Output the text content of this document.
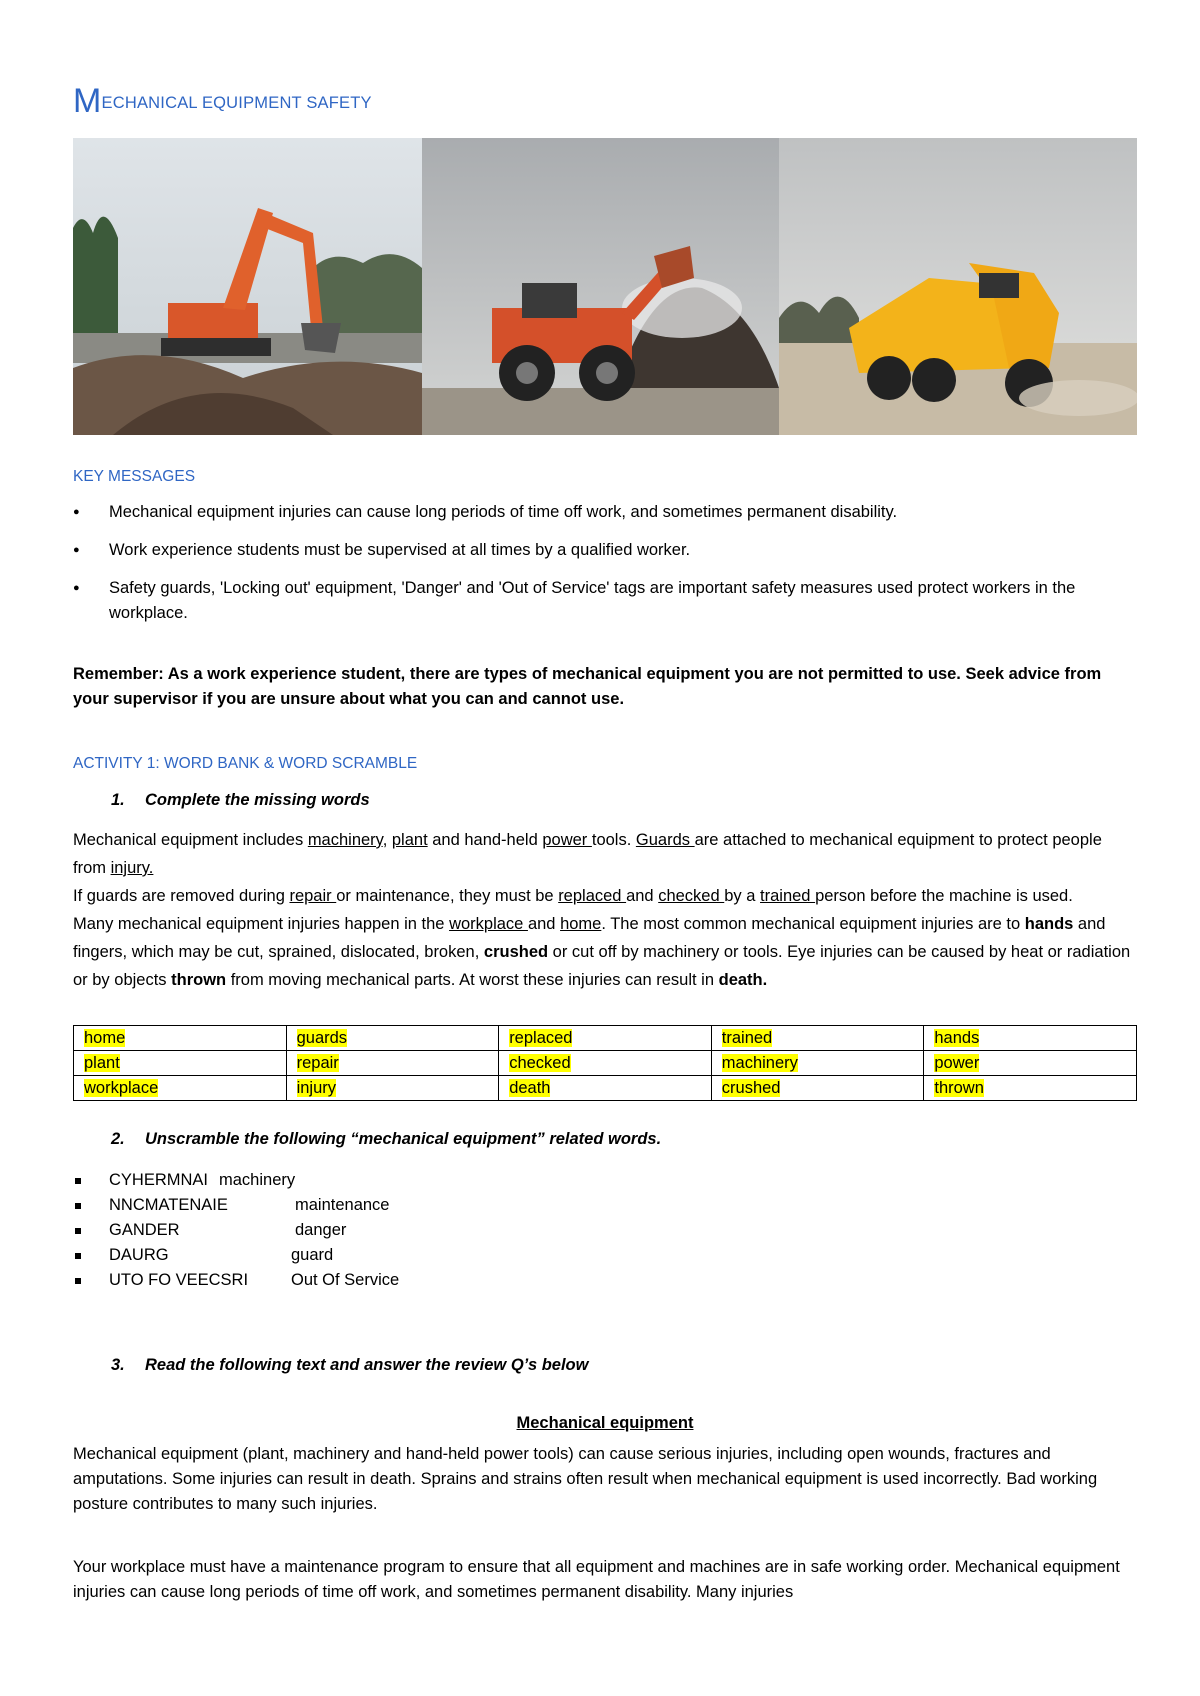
MECHANICAL EQUIPMENT SAFETY
KEY MESSAGES
● Mechanical equipment injuries can cause long periods of time off work, and sometimes permanent disability.
● Work experience students must be supervised at all times by a qualified worker.
● Safety guards, 'Locking out' equipment, 'Danger' and 'Out of Service' tags are important safety measures used protect workers in the workplace.
Remember: As a work experience student, there are types of mechanical equipment you are not permitted to use. Seek advice from your supervisor if you are unsure about what you can and cannot use.
ACTIVITY 1: WORD BANK & WORD SCRAMBLE
1. Complete the missing words
Mechanical equipment includes machinery, plant and hand-held power tools. Guards are attached to mechanical equipment to protect people from injury.
If guards are removed during repair or maintenance, they must be replaced and checked by a trained person before the machine is used.
Many mechanical equipment injuries happen in the workplace and home. The most common mechanical equipment injuries are to hands and fingers, which may be cut, sprained, dislocated, broken, crushed or cut off by machinery or tools. Eye injuries can be caused by heat or radiation or by objects thrown from moving mechanical parts. At worst these injuries can result in death.
home	guards	replaced	trained	hands
plant	repair	checked	machinery	power
workplace	injury	death	crushed	thrown
2. Unscramble the following “mechanical equipment” related words.
CYHERMNAI machinery
NNCMATENAIE	maintenance
GANDER	danger
DAURG	guard
UTO FO VEECSRI	Out Of Service
3. Read the following text and answer the review Q’s below
Mechanical equipment
Mechanical equipment (plant, machinery and hand-held power tools) can cause serious injuries, including open wounds, fractures and amputations. Some injuries can result in death. Sprains and strains often result when mechanical equipment is used incorrectly. Bad working posture contributes to many such injuries.
Your workplace must have a maintenance program to ensure that all equipment and machines are in safe working order. Mechanical equipment injuries can cause long periods of time off work, and sometimes permanent disability. Many injuries
